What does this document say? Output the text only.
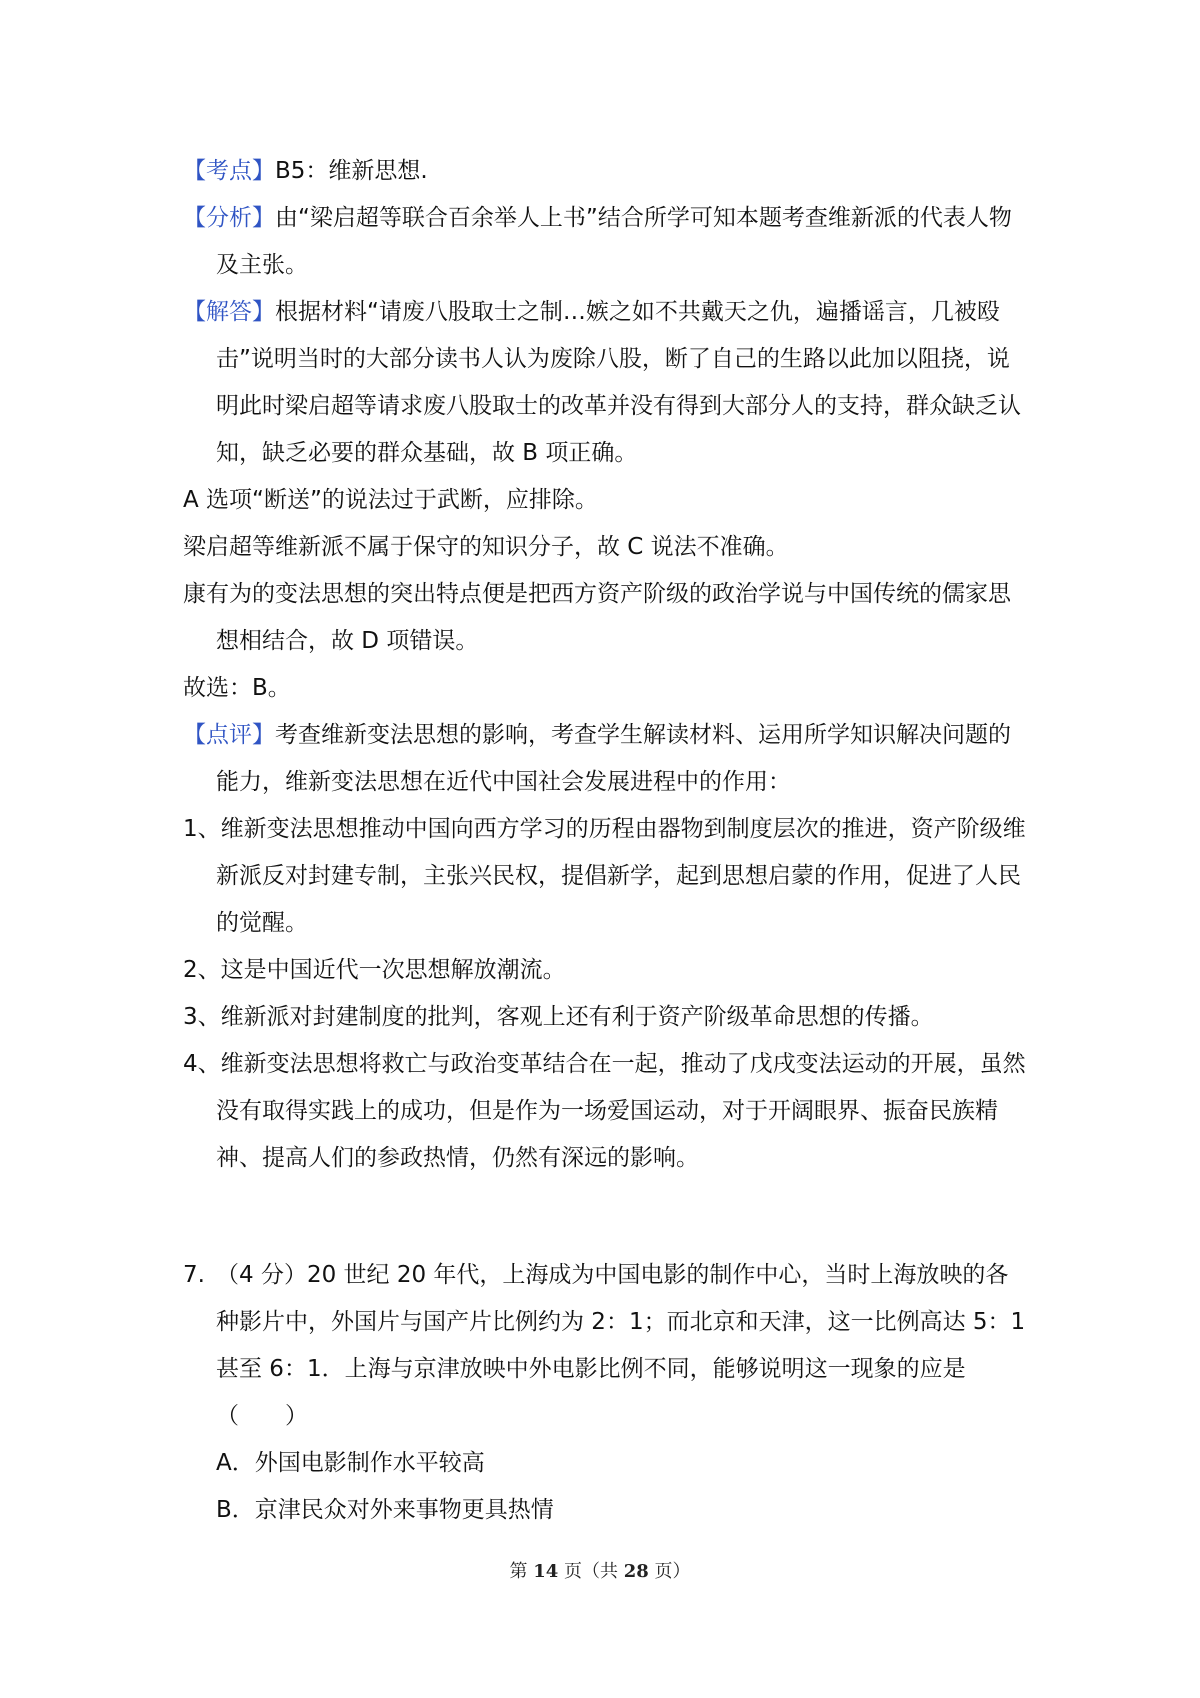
【考点】B5：维新思想.

【分析】由“梁启超等联合百余举人上书”结合所学可知本题考查维新派的代表人物及主张。

【解答】根据材料“请废八股取士之制…嫉之如不共戴天之仇，遍播谣言，几被殴击”说明当时的大部分读书人认为废除八股，断了自己的生路以此加以阻挠，说明此时梁启超等请求废八股取士的改革并没有得到大部分人的支持，群众缺乏认知，缺乏必要的群众基础，故 B 项正确。

A 选项“断送”的说法过于武断，应排除。

梁启超等维新派不属于保守的知识分子，故 C 说法不准确。

康有为的变法思想的突出特点便是把西方资产阶级的政治学说与中国传统的儒家思想相结合，故 D 项错误。

故选：B。

【点评】考查维新变法思想的影响，考查学生解读材料、运用所学知识解决问题的能力，维新变法思想在近代中国社会发展进程中的作用：

1、维新变法思想推动中国向西方学习的历程由器物到制度层次的推进，资产阶级维新派反对封建专制，主张兴民权，提倡新学，起到思想启蒙的作用，促进了人民的觉醒。

2、这是中国近代一次思想解放潮流。

3、维新派对封建制度的批判，客观上还有利于资产阶级革命思想的传播。

4、维新变法思想将救亡与政治变革结合在一起，推动了戊戌变法运动的开展，虽然没有取得实践上的成功，但是作为一场爱国运动，对于开阔眼界、振奋民族精神、提高人们的参政热情，仍然有深远的影响。

7. （4 分）20 世纪 20 年代，上海成为中国电影的制作中心，当时上海放映的各种影片中，外国片与国产片比例约为 2：1；而北京和天津，这一比例高达 5：1 甚至 6：1．上海与京津放映中外电影比例不同，能够说明这一现象的应是（　　）

A．外国电影制作水平较高

B．京津民众对外来事物更具热情

第 14 页（共 28 页）
